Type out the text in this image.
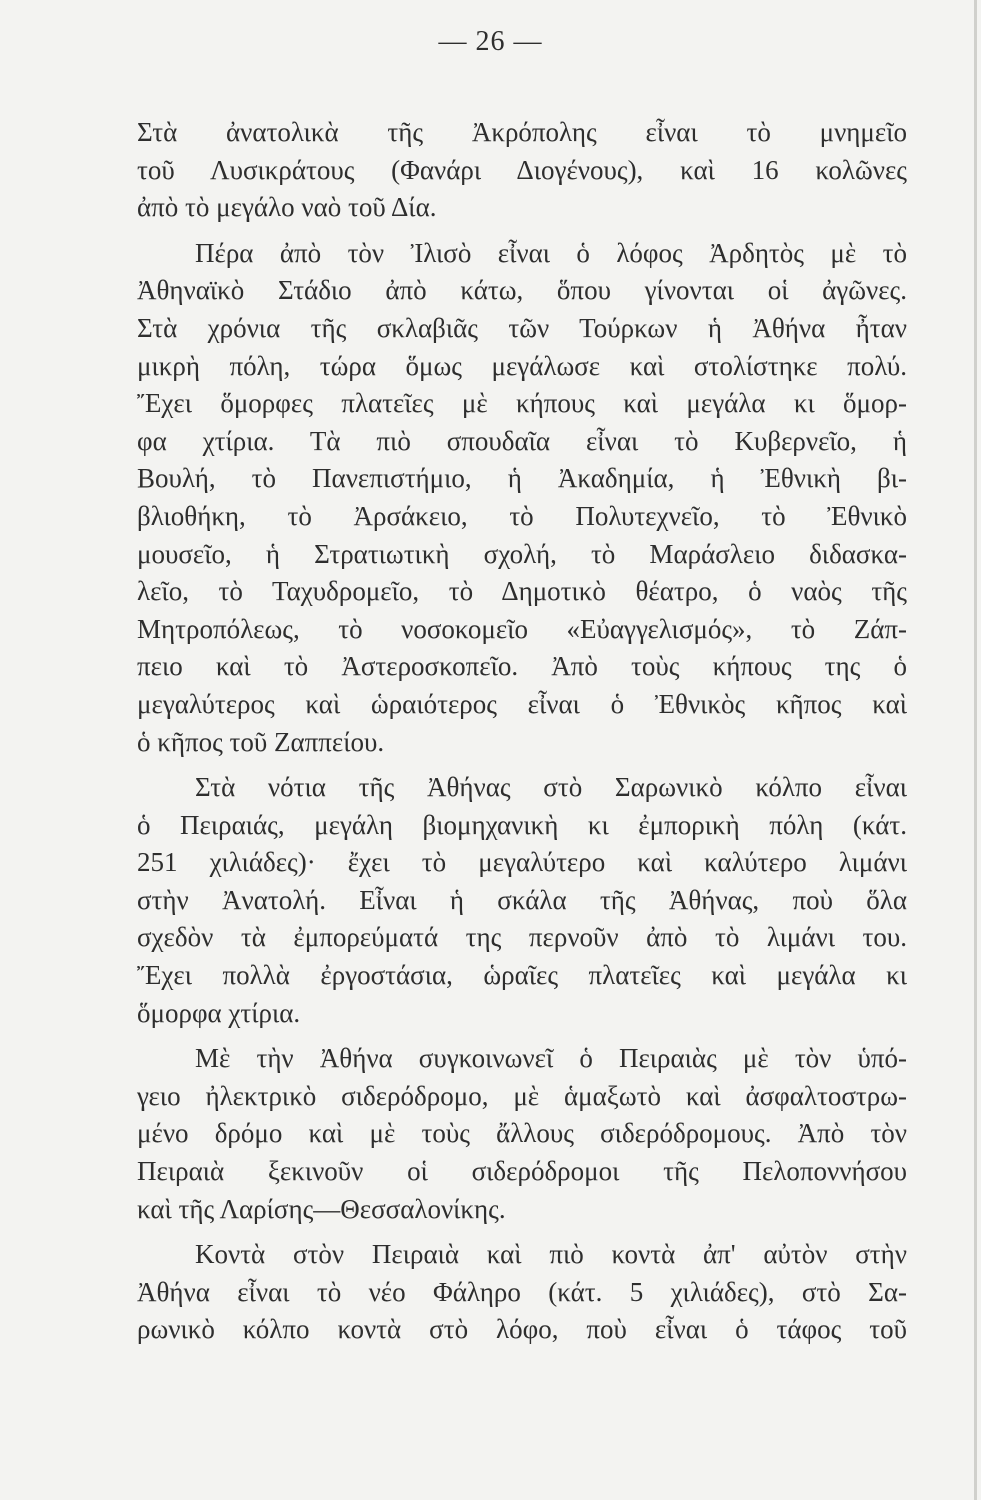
— 26 —
Στὰ ἀνατολικὰ τῆς Ἀκρόπολης εἶναι τὸ μνημεῖο
τοῦ Λυσικράτους (Φανάρι Διογένους), καὶ 16 κολῶνες
ἀπὸ τὸ μεγάλο ναὸ τοῦ Δία.
Πέρα ἀπὸ τὸν Ἰλισὸ εἶναι ὁ λόφος Ἀρδητὸς μὲ τὸ
Ἀθηναϊκὸ Στάδιο ἀπὸ κάτω, ὅπου γίνονται οἱ ἀγῶνες.
Στὰ χρόνια τῆς σκλαβιᾶς τῶν Τούρκων ἡ Ἀθήνα ἦταν
μικρὴ πόλη, τώρα ὅμως μεγάλωσε καὶ στολίστηκε πολύ.
Ἔχει ὅμορφες πλατεῖες μὲ κήπους καὶ μεγάλα κι ὅμορ-
φα χτίρια. Τὰ πιὸ σπουδαῖα εἶναι τὸ Κυβερνεῖο, ἡ
Βουλή, τὸ Πανεπιστήμιο, ἡ Ἀκαδημία, ἡ Ἐθνικὴ βι-
βλιοθήκη, τὸ Ἀρσάκειο, τὸ Πολυτεχνεῖο, τὸ Ἐθνικὸ
μουσεῖο, ἡ Στρατιωτικὴ σχολή, τὸ Μαράσλειο διδασκα-
λεῖο, τὸ Ταχυδρομεῖο, τὸ Δημοτικὸ θέατρο, ὁ ναὸς τῆς
Μητροπόλεως, τὸ νοσοκομεῖο «Εὐαγγελισμός», τὸ Ζάπ-
πειο καὶ τὸ Ἀστεροσκοπεῖο. Ἀπὸ τοὺς κήπους της ὁ
μεγαλύτερος καὶ ὡραιότερος εἶναι ὁ Ἐθνικὸς κῆπος καὶ
ὁ κῆπος τοῦ Ζαππείου.
Στὰ νότια τῆς Ἀθήνας στὸ Σαρωνικὸ κόλπο εἶναι
ὁ Πειραιάς, μεγάλη βιομηχανικὴ κι ἐμπορικὴ πόλη (κάτ.
251 χιλιάδες)· ἔχει τὸ μεγαλύτερο καὶ καλύτερο λιμάνι
στὴν Ἀνατολή. Εἶναι ἡ σκάλα τῆς Ἀθήνας, ποὺ ὅλα
σχεδὸν τὰ ἐμπορεύματά της περνοῦν ἀπὸ τὸ λιμάνι του.
Ἔχει πολλὰ ἐργοστάσια, ὡραῖες πλατεῖες καὶ μεγάλα κι
ὅμορφα χτίρια.
Μὲ τὴν Ἀθήνα συγκοινωνεῖ ὁ Πειραιὰς μὲ τὸν ὑπό-
γειο ἠλεκτρικὸ σιδερόδρομο, μὲ ἁμαξωτὸ καὶ ἀσφαλτοστρω-
μένο δρόμο καὶ μὲ τοὺς ἄλλους σιδερόδρομους. Ἀπὸ τὸν
Πειραιὰ ξεκινοῦν οἱ σιδερόδρομοι τῆς Πελοποννήσου
καὶ τῆς Λαρίσης—Θεσσαλονίκης.
Κοντὰ στὸν Πειραιὰ καὶ πιὸ κοντὰ ἀπ' αὐτὸν στὴν
Ἀθήνα εἶναι τὸ νέο Φάληρο (κάτ. 5 χιλιάδες), στὸ Σα-
ρωνικὸ κόλπο κοντὰ στὸ λόφο, ποὺ εἶναι ὁ τάφος τοῦ
